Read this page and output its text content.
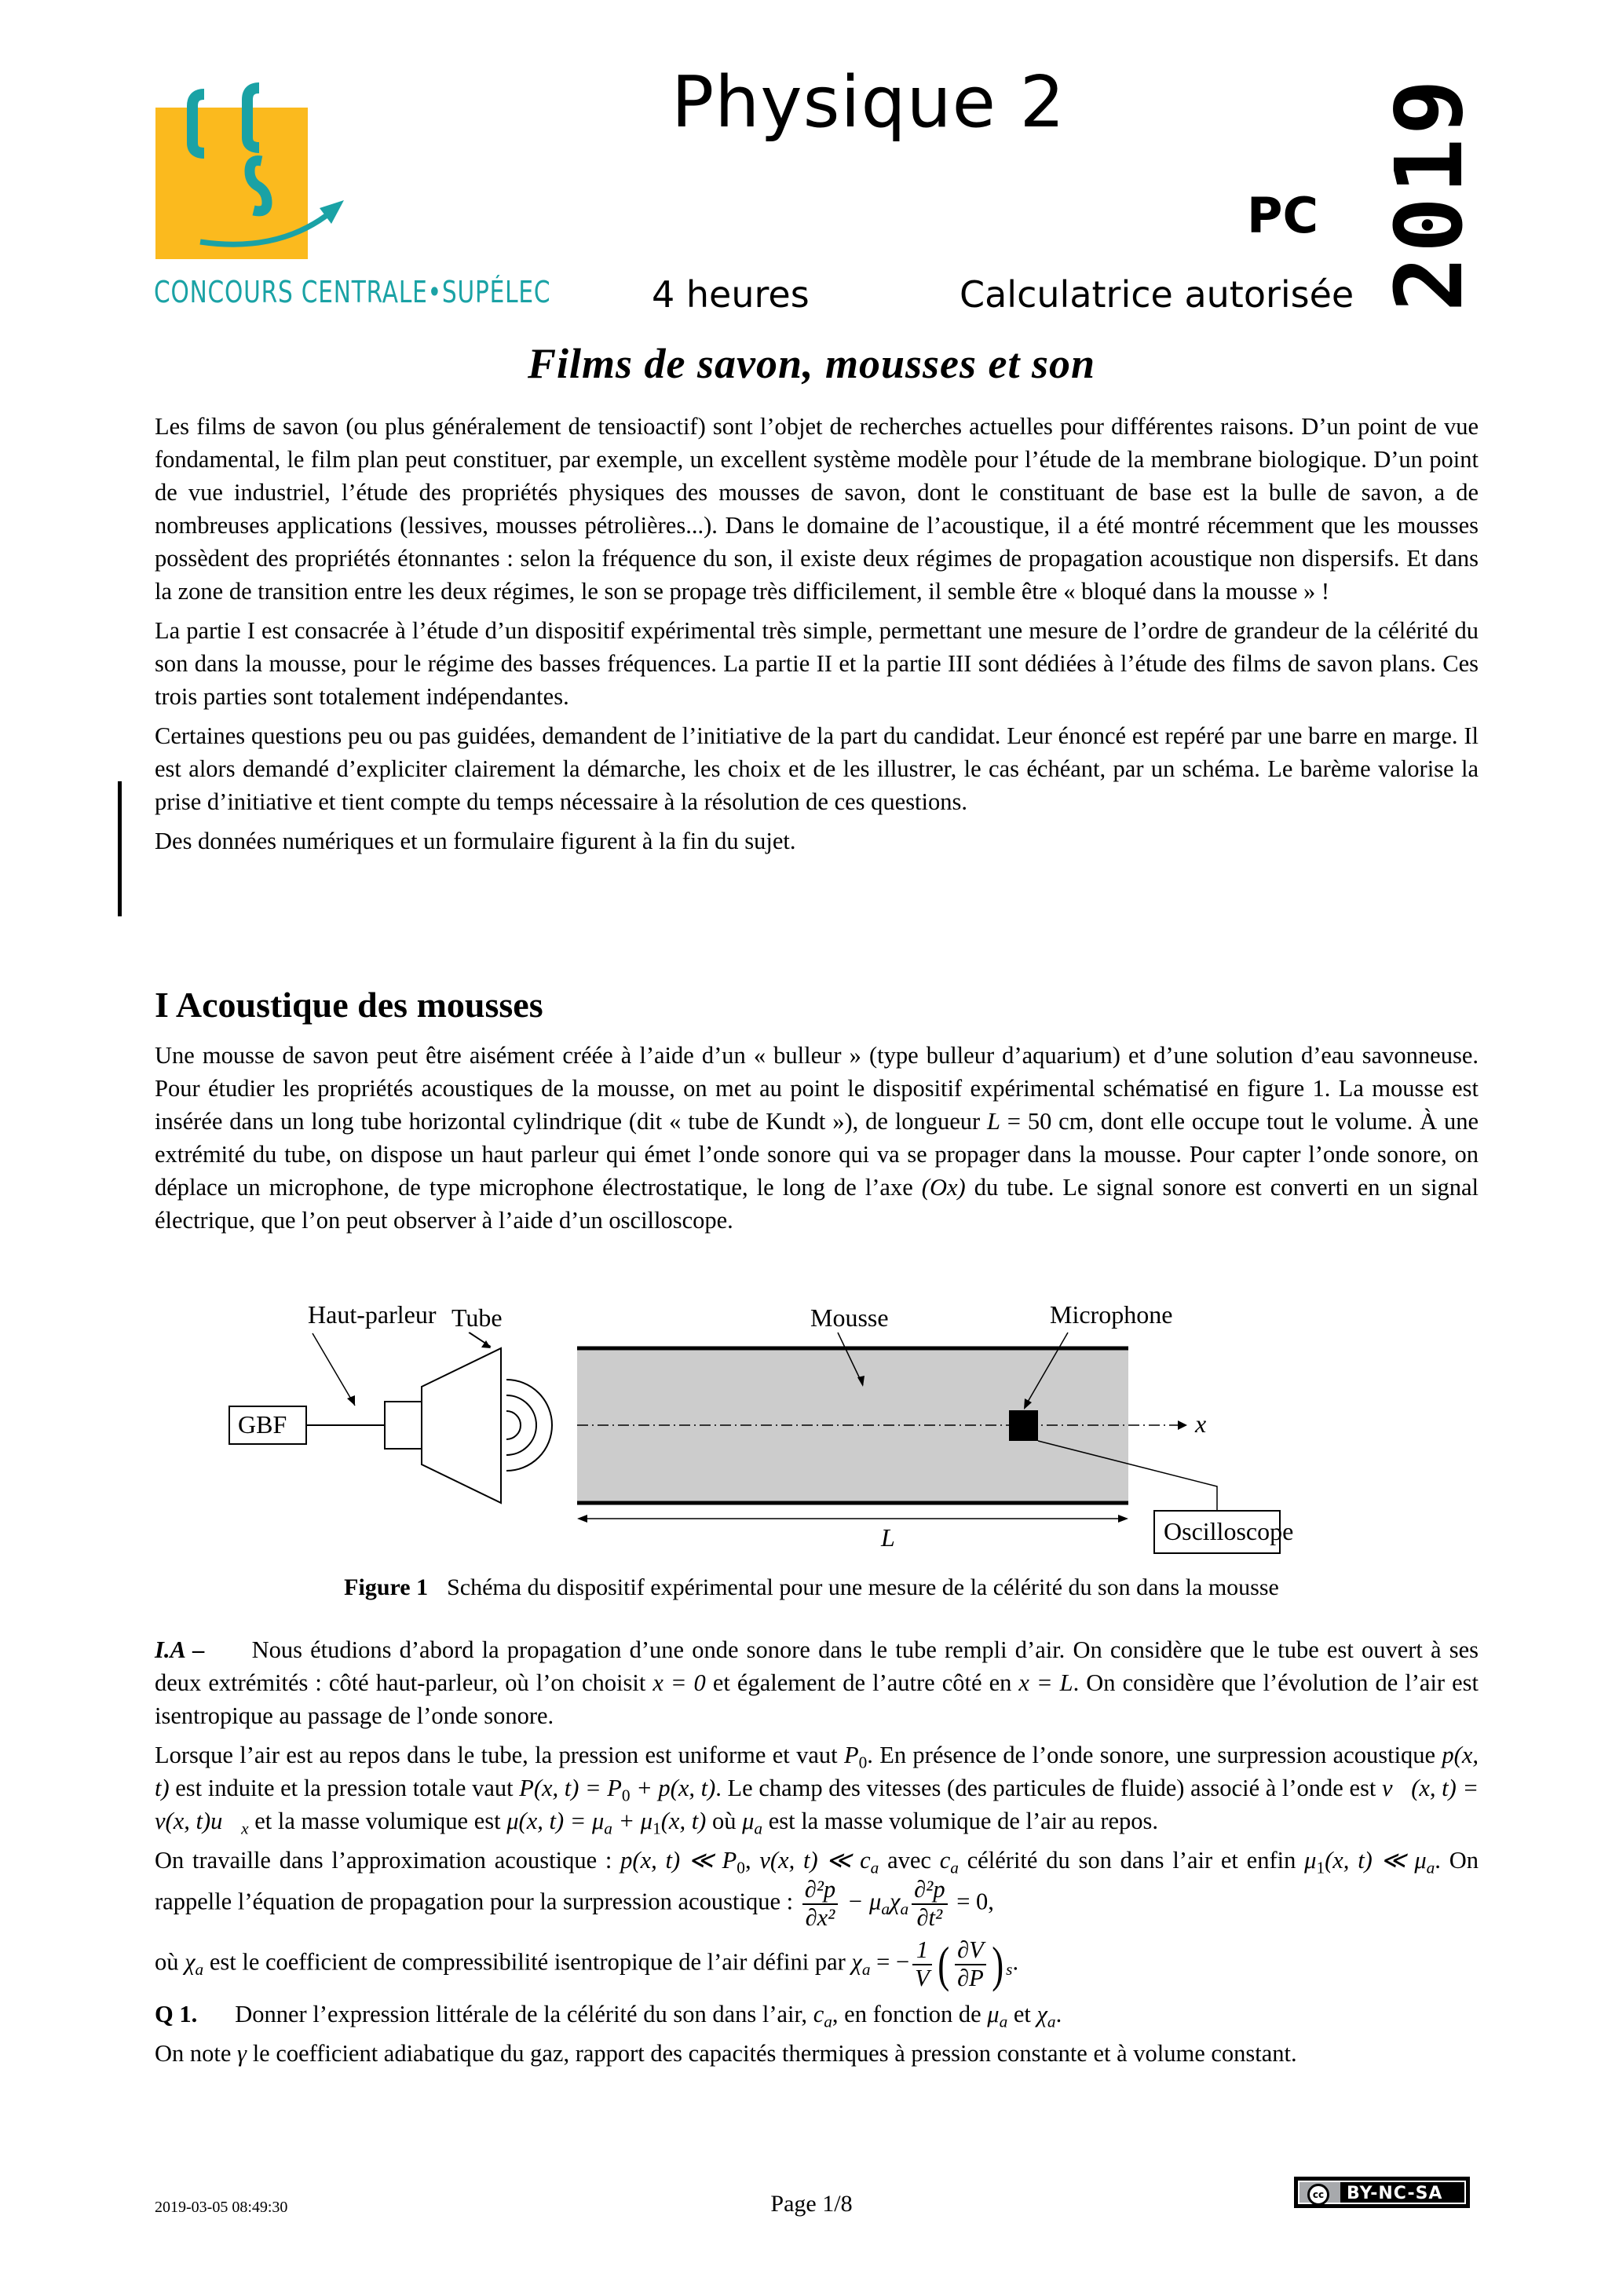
CONCOURS CENTRALE•SUPÉLEC
Physique 2
PC 2019
4 heures	Calculatrice autorisée
Films de savon, mousses et son

Les films de savon (ou plus généralement de tensioactif) sont l’objet de recherches actuelles pour différentes raisons. D’un point de vue fondamental, le film plan peut constituer, par exemple, un excellent système modèle pour l’étude de la membrane biologique. D’un point de vue industriel, l’étude des propriétés physiques des mousses de savon, dont le constituant de base est la bulle de savon, a de nombreuses applications (lessives, mousses pétrolières...). Dans le domaine de l’acoustique, il a été montré récemment que les mousses possèdent des propriétés étonnantes : selon la fréquence du son, il existe deux régimes de propagation acoustique non dispersifs. Et dans la zone de transition entre les deux régimes, le son se propage très difficilement, il semble être « bloqué dans la mousse » !

La partie I est consacrée à l’étude d’un dispositif expérimental très simple, permettant une mesure de l’ordre de grandeur de la célérité du son dans la mousse, pour le régime des basses fréquences. La partie II et la partie III sont dédiées à l’étude des films de savon plans. Ces trois parties sont totalement indépendantes.

Certaines questions peu ou pas guidées, demandent de l’initiative de la part du candidat. Leur énoncé est repéré par une barre en marge. Il est alors demandé d’expliciter clairement la démarche, les choix et de les illustrer, le cas échéant, par un schéma. Le barème valorise la prise d’initiative et tient compte du temps nécessaire à la résolution de ces questions.

Des données numériques et un formulaire figurent à la fin du sujet.

I Acoustique des mousses

Une mousse de savon peut être aisément créée à l’aide d’un « bulleur » (type bulleur d’aquarium) et d’une solution d’eau savonneuse. Pour étudier les propriétés acoustiques de la mousse, on met au point le dispositif expérimental schématisé en figure 1. La mousse est insérée dans un long tube horizontal cylindrique (dit « tube de Kundt »), de longueur L = 50 cm, dont elle occupe tout le volume. À une extrémité du tube, on dispose un haut parleur qui émet l’onde sonore qui va se propager dans la mousse. Pour capter l’onde sonore, on déplace un microphone, de type microphone électrostatique, le long de l’axe (Ox) du tube. Le signal sonore est converti en un signal électrique, que l’on peut observer à l’aide d’un oscilloscope.

Haut-parleur Tube	Mousse	Microphone
GBF	x
L	Oscilloscope
Figure 1 Schéma du dispositif expérimental pour une mesure de la célérité du son dans la mousse

I.A – Nous étudions d’abord la propagation d’une onde sonore dans le tube rempli d’air. On considère que le tube est ouvert à ses deux extrémités : côté haut-parleur, où l’on choisit x = 0 et également de l’autre côté en x = L. On considère que l’évolution de l’air est isentropique au passage de l’onde sonore.

Lorsque l’air est au repos dans le tube, la pression est uniforme et vaut $P_0$. En présence de l’onde sonore, une surpression acoustique p(x, t) est induite et la pression totale vaut P(x, $t) = P_0 + p(x$, t). Le champ des vitesses (des particules de fluide) associé à l’onde est v⃗(x, t) = v(x, $t)u⃗_x$ et la masse volumique est μ(x, $t) = \mu_a + \mu_1(x$, t) où $\mu_a$ est la masse volumique de l’air au repos.

On travaille dans l’approximation acoustique : p(x, t) ≪ $P_0$, v(x, t) ≪ $c_a$ avec $c_a$ célérité du son dans l’air et enfin $\mu_1(x$, t) ≪ $\mu_a$. On rappelle l’équation de propagation pour la surpression acoustique : $\frac{\text{∂²p}}{\text{∂x²}} - \mu_a\chi_a \frac{\text{∂²p}}{\text{∂t²}} = 0$,

où $\chi_a$ est le coefficient de compressibilité isentropique de l’air défini par $\chi_a$ = − $\frac{1}{V}$ ( $\frac{\partial V}{\partial P}$ ) $_s$.

Q 1. Donner l’expression littérale de la célérité du son dans l’air, $c_a$, en fonction de $\mu_a$ et $\chi_a$.

On note γ le coefficient adiabatique du gaz, rapport des capacités thermiques à pression constante et à volume constant.

2019-03-05 08:49:30	Page 1/8	cc	BY-NC-SA
